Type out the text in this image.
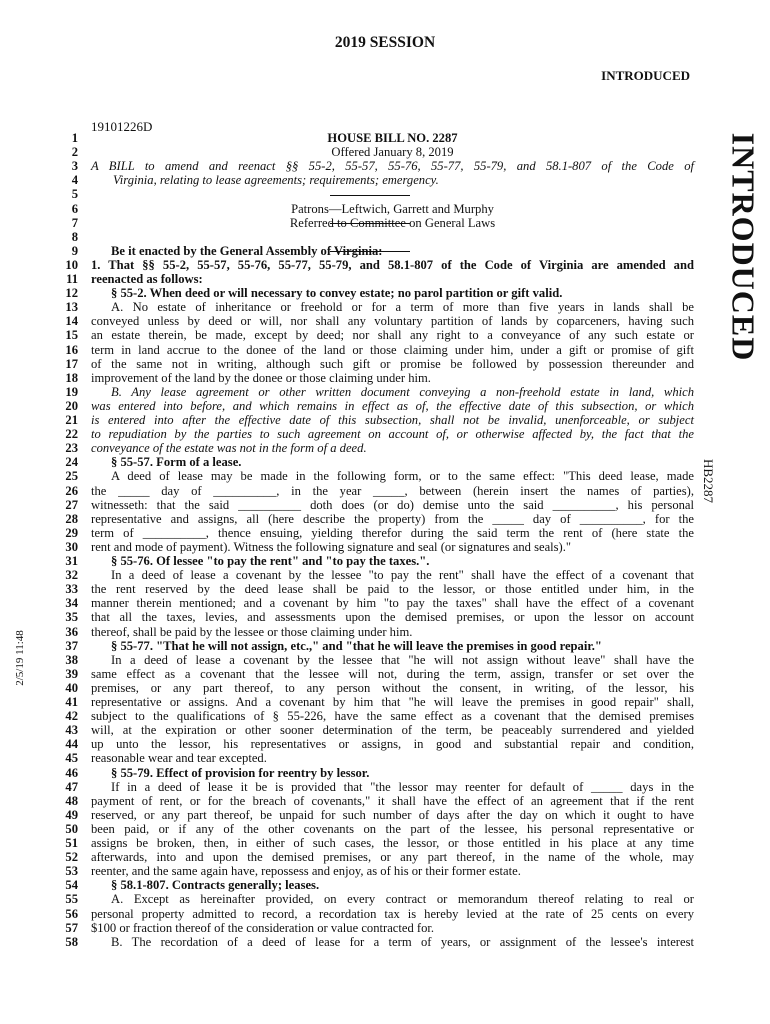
2019 SESSION
INTRODUCED
19101226D
INTRODUCED
HB2287
2/5/19 11:48
1	HOUSE BILL NO. 2287
2	Offered January 8, 2019
3 A BILL to amend and reenact §§ 55-2, 55-57, 55-76, 55-77, 55-79, and 58.1-807 of the Code of
4	Virginia, relating to lease agreements; requirements; emergency.
5
6
7	Referred to Committee on General Laws
8
9	Be it enacted by the General Assembly of Virginia:
10 1. That §§ 55-2, 55-57, 55-76, 55-77, 55-79, and 58.1-807 of the Code of Virginia are amended and
11 reenacted as follows:
12	§ 55-2. When deed or will necessary to convey estate; no parol partition or gift valid.
13	A. No estate of inheritance or freehold or for a term of more than five years in lands shall be
14 conveyed unless by deed or will, nor shall any voluntary partition of lands by coparceners, having such
15 an estate therein, be made, except by deed; nor shall any right to a conveyance of any such estate or
16 term in land accrue to the donee of the land or those claiming under him, under a gift or promise of gift
17 of the same not in writing, although such gift or promise be followed by possession thereunder and
18 improvement of the land by the donee or those claiming under him.
19	B. Any lease agreement or other written document conveying a non-freehold estate in land, which
20 was entered into before, and which remains in effect as of, the effective date of this subsection, or which
21 is entered into after the effective date of this subsection, shall not be invalid, unenforceable, or subject
22 to repudiation by the parties to such agreement on account of, or otherwise affected by, the fact that the
23 conveyance of the estate was not in the form of a deed.
24	§ 55-57. Form of a lease.
25	A deed of lease may be made in the following form, or to the same effect: "This deed lease, made
26 the _____ day of __________, in the year _____, between (herein insert the names of parties),
27 witnesseth: that the said __________ doth does (or do) demise unto the said __________, his personal
28 representative and assigns, all (here describe the property) from the _____ day of __________, for the
29 term of __________, thence ensuing, yielding therefor during the said term the rent of (here state the
30 rent and mode of payment). Witness the following signature and seal (or signatures and seals)."
31	§ 55-76. Of lessee "to pay the rent" and "to pay the taxes.".
32	In a deed of lease a covenant by the lessee "to pay the rent" shall have the effect of a covenant that
33 the rent reserved by the deed lease shall be paid to the lessor, or those entitled under him, in the
34 manner therein mentioned; and a covenant by him "to pay the taxes" shall have the effect of a covenant
35 that all the taxes, levies, and assessments upon the demised premises, or upon the lessor on account
36 thereof, shall be paid by the lessee or those claiming under him.
37	§ 55-77. "That he will not assign, etc.," and "that he will leave the premises in good repair."
38	In a deed of lease a covenant by the lessee that "he will not assign without leave" shall have the
39 same effect as a covenant that the lessee will not, during the term, assign, transfer or set over the
40 premises, or any part thereof, to any person without the consent, in writing, of the lessor, his
41 representative or assigns. And a covenant by him that "he will leave the premises in good repair" shall,
42 subject to the qualifications of § 55-226, have the same effect as a covenant that the demised premises
43 will, at the expiration or other sooner determination of the term, be peaceably surrendered and yielded
44 up unto the lessor, his representatives or assigns, in good and substantial repair and condition,
45 reasonable wear and tear excepted.
46	§ 55-79. Effect of provision for reentry by lessor.
47	If in a deed of lease it be is provided that "the lessor may reenter for default of _____ days in the
48 payment of rent, or for the breach of covenants," it shall have the effect of an agreement that if the rent
49 reserved, or any part thereof, be unpaid for such number of days after the day on which it ought to have
50 been paid, or if any of the other covenants on the part of the lessee, his personal representative or
51 assigns be broken, then, in either of such cases, the lessor, or those entitled in his place at any time
52 afterwards, into and upon the demised premises, or any part thereof, in the name of the whole, may
53 reenter, and the same again have, repossess and enjoy, as of his or their former estate.
54	§ 58.1-807. Contracts generally; leases.
55	A. Except as hereinafter provided, on every contract or memorandum thereof relating to real or
56 personal property admitted to record, a recordation tax is hereby levied at the rate of 25 cents on every
57 $100 or fraction thereof of the consideration or value contracted for.
58	B. The recordation of a deed of lease for a term of years, or assignment of the lessee's interest
Patrons—Leftwich, Garrett and Murphy
